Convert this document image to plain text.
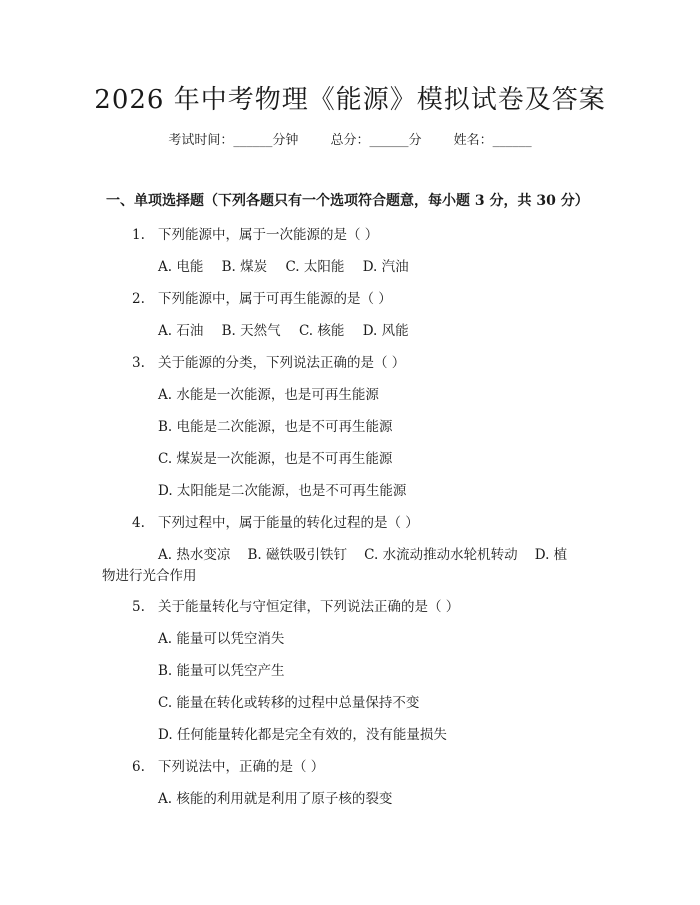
2026 年中考物理《能源》模拟试卷及答案
考试时间：______分钟 总分：______分 姓名：______
一、单项选择题（下列各题只有一个选项符合题意，每小题 3 分，共 30 分）
1. 下列能源中，属于一次能源的是（ ）
A. 电能 B. 煤炭 C. 太阳能 D. 汽油
2. 下列能源中，属于可再生能源的是（ ）
A. 石油 B. 天然气 C. 核能 D. 风能
3. 关于能源的分类，下列说法正确的是（ ）
A. 水能是一次能源，也是可再生能源
B. 电能是二次能源，也是不可再生能源
C. 煤炭是一次能源，也是不可再生能源
D. 太阳能是二次能源，也是不可再生能源
4. 下列过程中，属于能量的转化过程的是（ ）
A. 热水变凉    B. 磁铁吸引铁钉    C. 水流动推动水轮机转动    D. 植
物进行光合作用
5. 关于能量转化与守恒定律，下列说法正确的是（ ）
A. 能量可以凭空消失
B. 能量可以凭空产生
C. 能量在转化或转移的过程中总量保持不变
D. 任何能量转化都是完全有效的，没有能量损失
6. 下列说法中，正确的是（ ）
A. 核能的利用就是利用了原子核的裂变
